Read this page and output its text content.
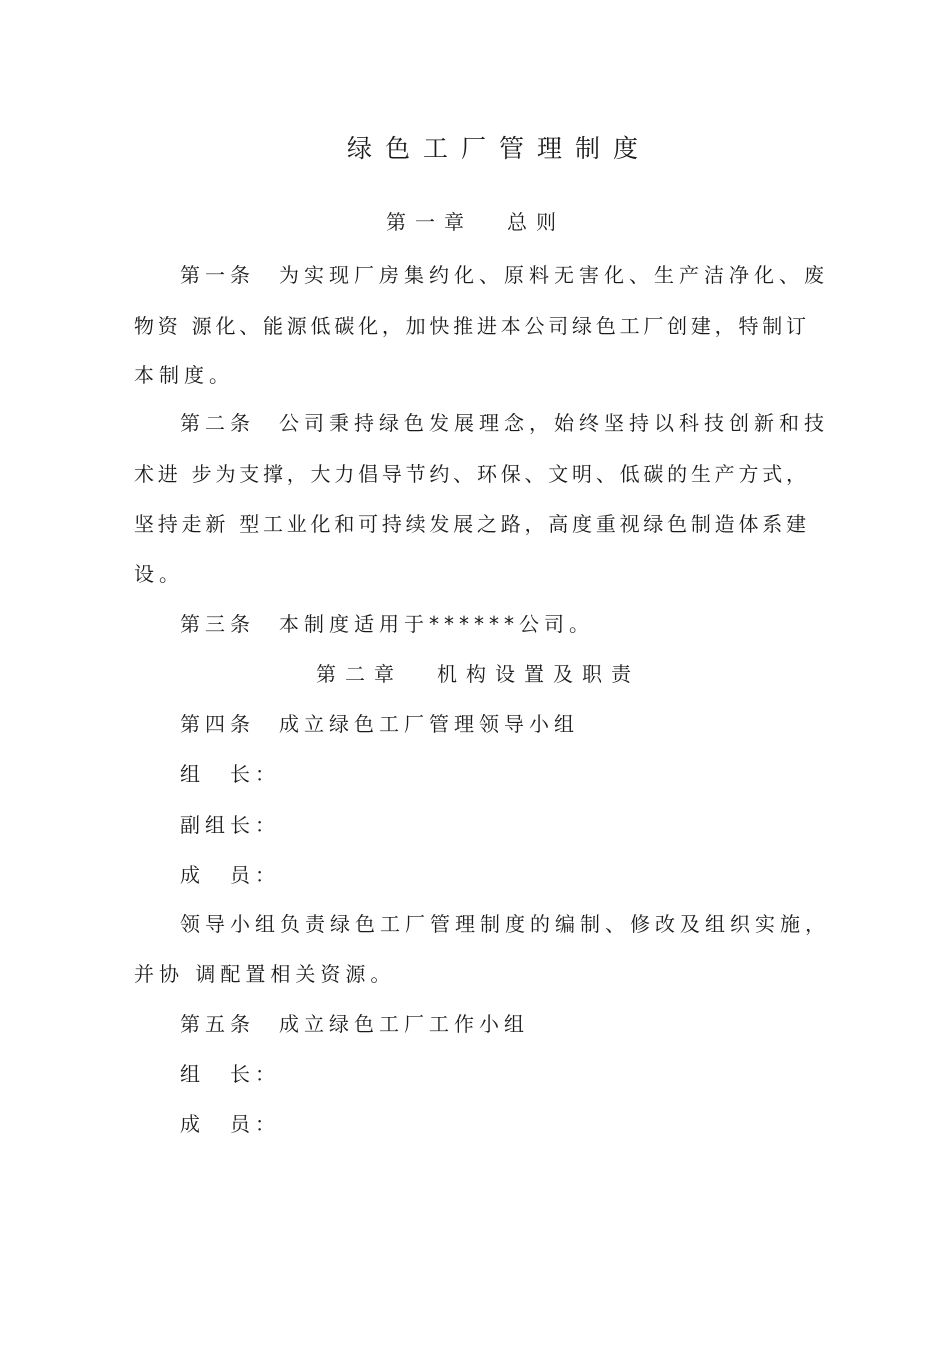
绿色工厂管理制度
第一章 总则
第一条 为实现厂房集约化、原料无害化、生产洁净化、废
物资 源化、能源低碳化，加快推进本公司绿色工厂创建，特制订
本制度。
第二条 公司秉持绿色发展理念，始终坚持以科技创新和技
术进 步为支撑，大力倡导节约、环保、文明、低碳的生产方式，
坚持走新 型工业化和可持续发展之路，高度重视绿色制造体系建
设。
第三条 本制度适用于******公司。
第二章 机构设置及职责
第四条 成立绿色工厂管理领导小组
组　长：
副组长：
成　员：
领导小组负责绿色工厂管理制度的编制、修改及组织实施，
并协 调配置相关资源。
第五条 成立绿色工厂工作小组
组　长：
成　员：
